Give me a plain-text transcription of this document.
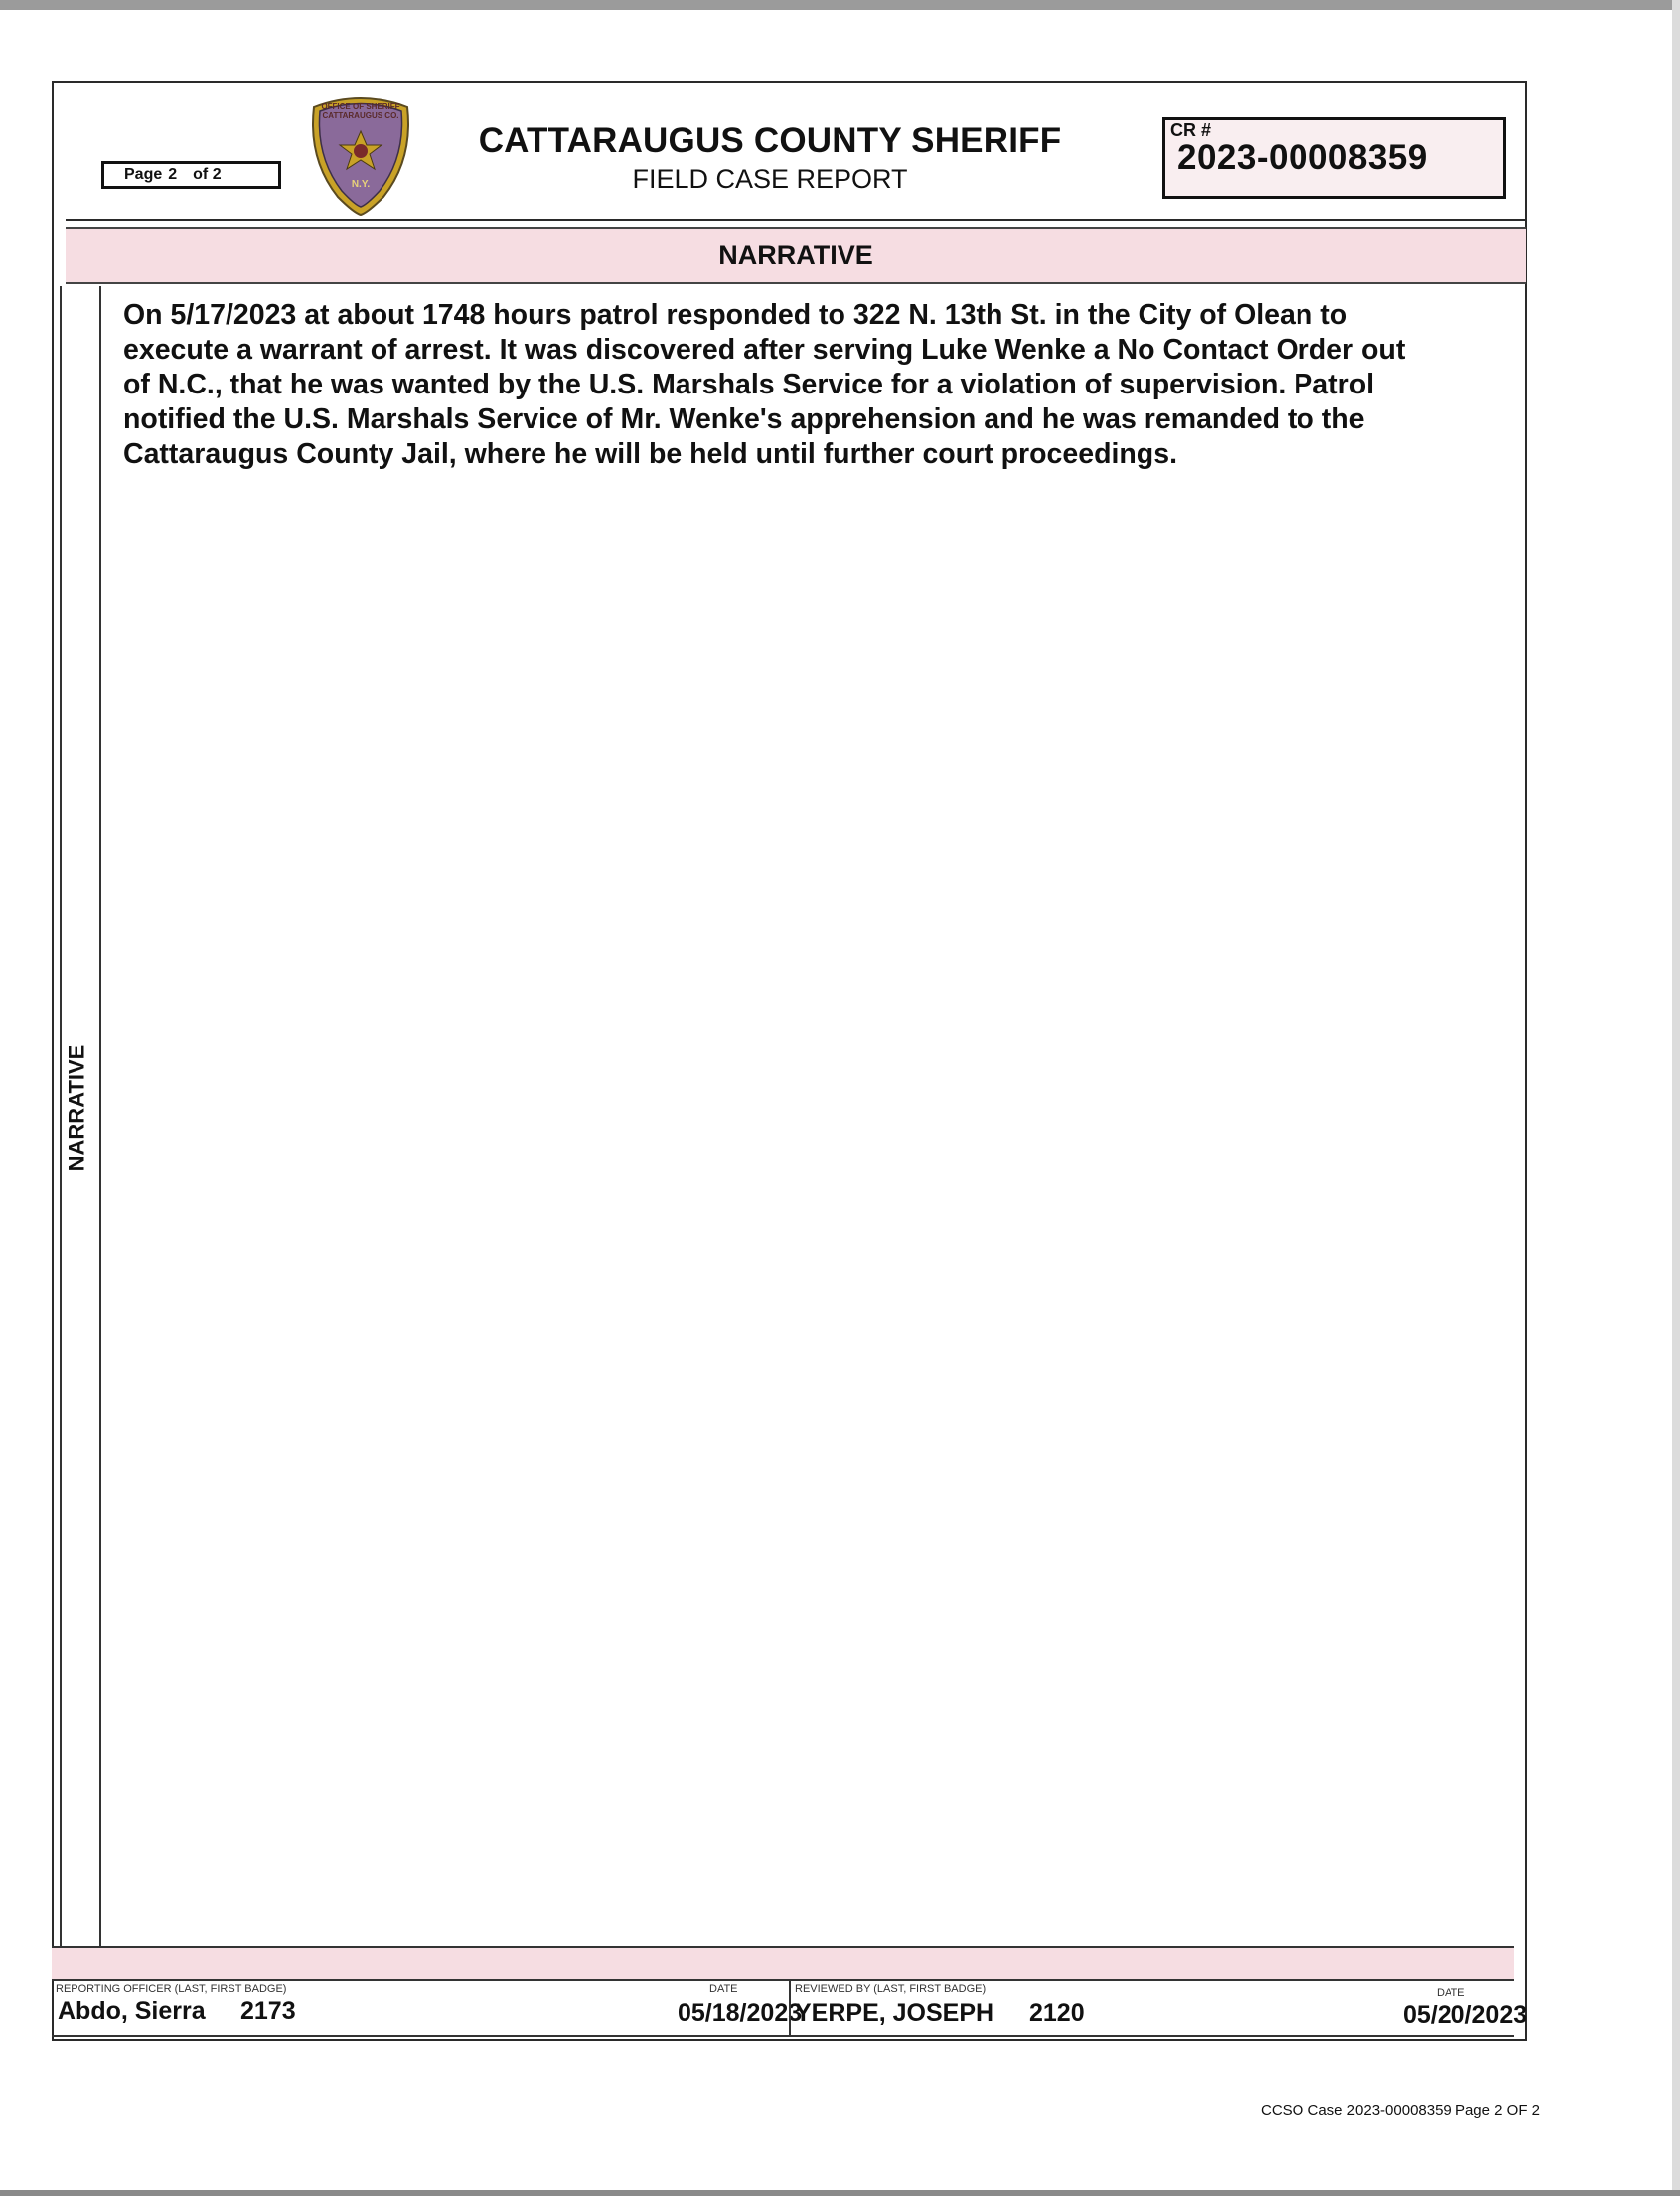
Page 2 of 2
OFFICE OF SHERIFF
CATTARAUGUS CO.
N.Y.
CATTARAUGUS COUNTY SHERIFF
FIELD CASE REPORT
CR #
2023-00008359
NARRATIVE
NARRATIVE
On 5/17/2023 at about 1748 hours patrol responded to 322 N. 13th St. in the City of Olean to
execute a warrant of arrest. It was discovered after serving Luke Wenke a No Contact Order out
of N.C., that he was wanted by the U.S. Marshals Service for a violation of supervision. Patrol
notified the U.S. Marshals Service of Mr. Wenke's apprehension and he was remanded to the
Cattaraugus County Jail, where he will be held until further court proceedings.
REPORTING OFFICER (LAST, FIRST BADGE)
Abdo, Sierra 2173
DATE
05/18/2023
REVIEWED BY (LAST, FIRST BADGE)
YERPE, JOSEPH 2120
DATE
05/20/2023
CCSO Case 2023-00008359 Page 2 OF 2
